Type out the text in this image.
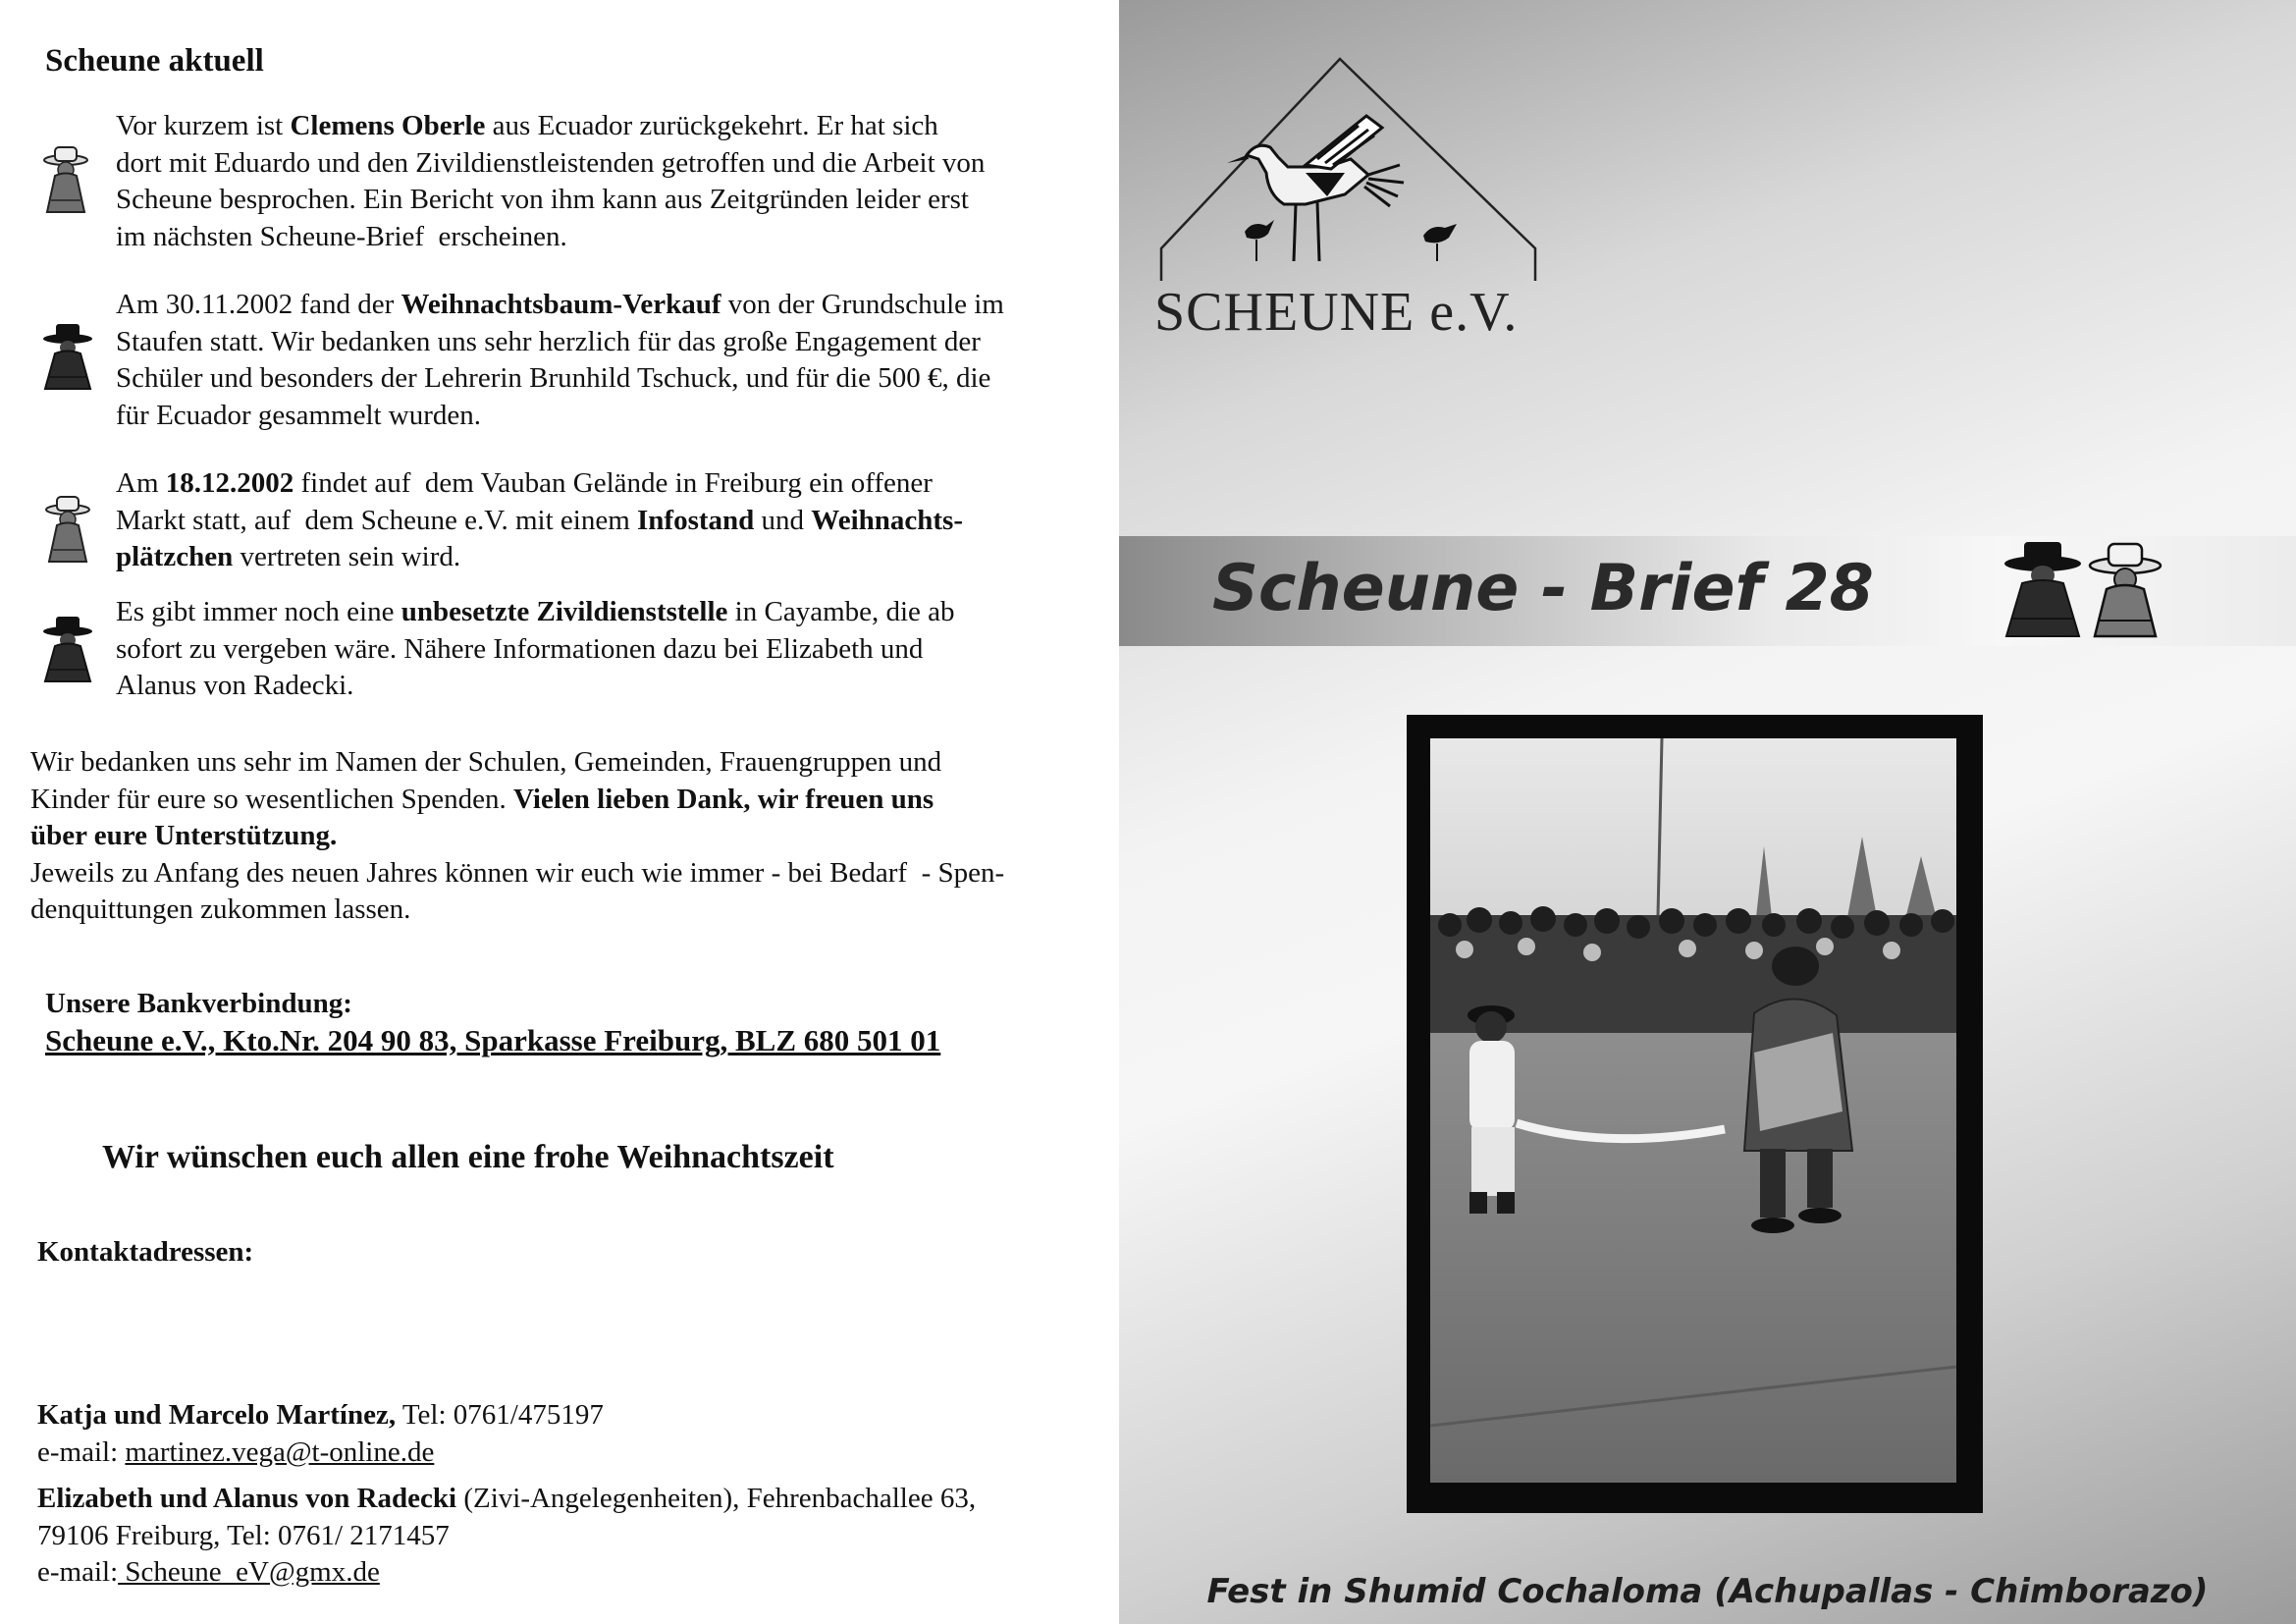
Scheune aktuell

Vor kurzem ist Clemens Oberle aus Ecuador zurückgekehrt. Er hat sich
dort mit Eduardo und den Zivildienstleistenden getroffen und die Arbeit von
Scheune besprochen. Ein Bericht von ihm kann aus Zeitgründen leider erst
im nächsten Scheune-Brief  erscheinen.
Am 30.11.2002 fand der Weihnachtsbaum-Verkauf von der Grundschule im
Staufen statt. Wir bedanken uns sehr herzlich für das große Engagement der
Schüler und besonders der Lehrerin Brunhild Tschuck, und für die 500 €, die
für Ecuador gesammelt wurden.
Am 18.12.2002 findet auf  dem Vauban Gelände in Freiburg ein offener
Markt statt, auf  dem Scheune e.V. mit einem Infostand und Weihnachts-
plätzchen vertreten sein wird.
Es gibt immer noch eine unbesetzte Zivildienststelle in Cayambe, die ab
sofort zu vergeben wäre. Nähere Informationen dazu bei Elizabeth und
Alanus von Radecki.
Wir bedanken uns sehr im Namen der Schulen, Gemeinden, Frauengruppen und
Kinder für eure so wesentlichen Spenden. Vielen lieben Dank, wir freuen uns
über eure Unterstützung.
Jeweils zu Anfang des neuen Jahres können wir euch wie immer - bei Bedarf  - Spen-
denquittungen zukommen lassen.

Unsere Bankverbindung:

Scheune e.V., Kto.Nr. 204 90 83, Sparkasse Freiburg, BLZ 680 501 01

Wir wünschen euch allen eine frohe Weihnachtszeit

Kontaktadressen:

Katja und Marcelo Martínez, Tel: 0761/475197
e-mail: martinez.vega@t-online.de
Elizabeth und Alanus von Radecki (Zivi-Angelegenheiten), Fehrenbachallee 63,
79106 Freiburg, Tel: 0761/ 2171457
e-mail: Scheune_eV@gmx.de

SCHEUNE e.V.

Scheune - Brief 28

Fest in Shumid Cochaloma (Achupallas - Chimborazo)
